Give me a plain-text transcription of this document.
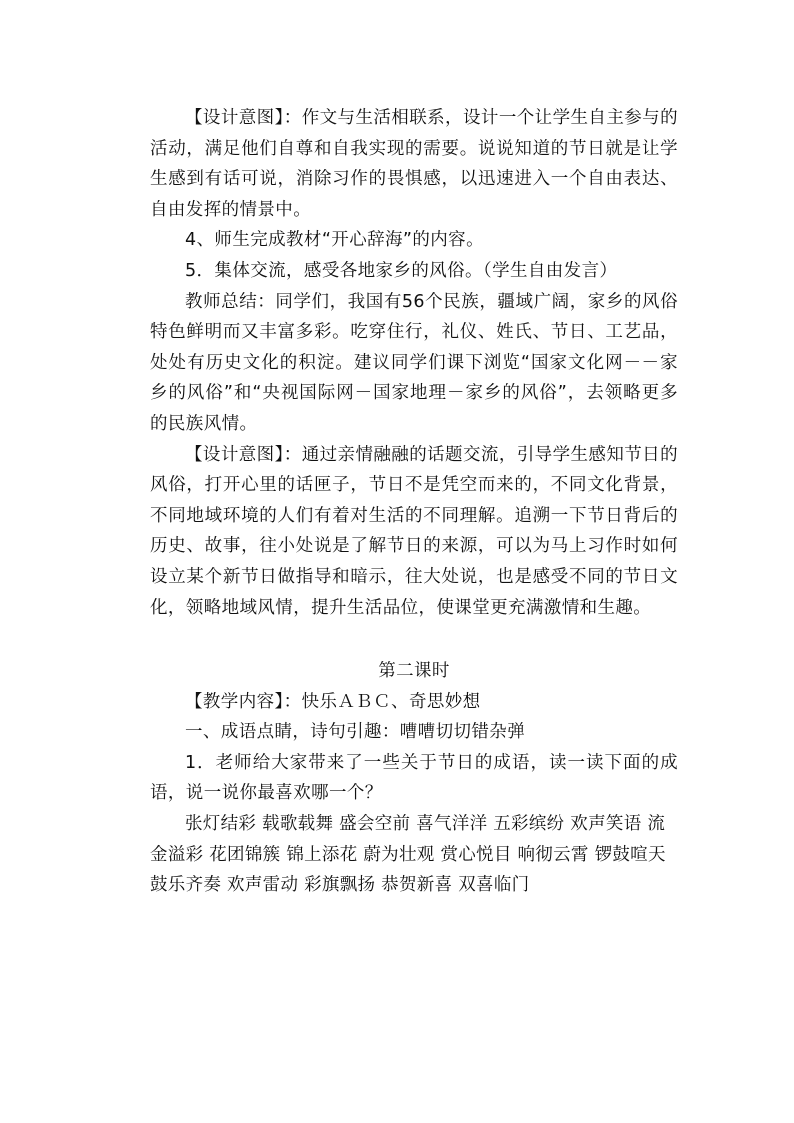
【设计意图】：作文与生活相联系，设计一个让学生自主参与的活动，满足他们自尊和自我实现的需要。说说知道的节日就是让学生感到有话可说，消除习作的畏惧感，以迅速进入一个自由表达、自由发挥的情景中。

4、师生完成教材“开心辞海”的内容。

5．集体交流，感受各地家乡的风俗。（学生自由发言）

教师总结：同学们，我国有56个民族，疆域广阔，家乡的风俗特色鲜明而又丰富多彩。吃穿住行，礼仪、姓氏、节日、工艺品，处处有历史文化的积淀。建议同学们课下浏览“国家文化网－－家乡的风俗”和“央视国际网－国家地理－家乡的风俗”，去领略更多的民族风情。

【设计意图】：通过亲情融融的话题交流，引导学生感知节日的风俗，打开心里的话匣子，节日不是凭空而来的，不同文化背景，不同地域环境的人们有着对生活的不同理解。追溯一下节日背后的历史、故事，往小处说是了解节日的来源，可以为马上习作时如何设立某个新节日做指导和暗示，往大处说，也是感受不同的节日文化，领略地域风情，提升生活品位，使课堂更充满激情和生趣。

第二课时

【教学内容】：快乐ＡＢＣ、奇思妙想

一、成语点睛，诗句引趣：嘈嘈切切错杂弹

1．老师给大家带来了一些关于节日的成语，读一读下面的成语，说一说你最喜欢哪一个？

张灯结彩 载歌载舞 盛会空前 喜气洋洋 五彩缤纷 欢声笑语 流金溢彩 花团锦簇 锦上添花 蔚为壮观 赏心悦目 响彻云霄 锣鼓喧天 鼓乐齐奏 欢声雷动 彩旗飘扬 恭贺新喜 双喜临门
